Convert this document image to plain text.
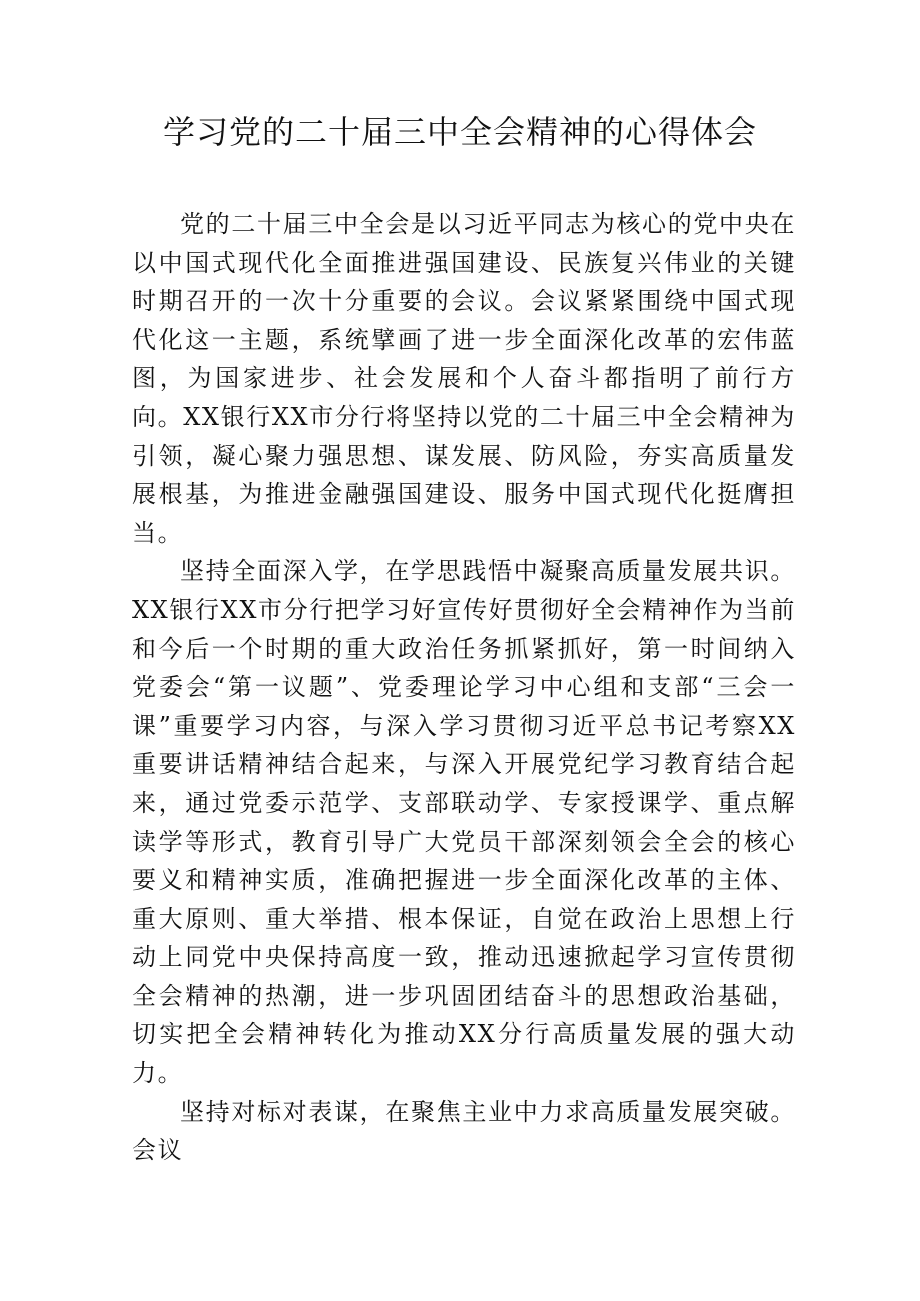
学习党的二十届三中全会精神的心得体会

党的二十届三中全会是以习近平同志为核心的党中央在以中国式现代化全面推进强国建设、民族复兴伟业的关键时期召开的一次十分重要的会议。会议紧紧围绕中国式现代化这一主题，系统擘画了进一步全面深化改革的宏伟蓝图，为国家进步、社会发展和个人奋斗都指明了前行方向。XX银行XX市分行将坚持以党的二十届三中全会精神为引领，凝心聚力强思想、谋发展、防风险，夯实高质量发展根基，为推进金融强国建设、服务中国式现代化挺膺担当。

坚持全面深入学，在学思践悟中凝聚高质量发展共识。XX银行XX市分行把学习好宣传好贯彻好全会精神作为当前和今后一个时期的重大政治任务抓紧抓好，第一时间纳入党委会“第一议题”、党委理论学习中心组和支部“三会一课”重要学习内容，与深入学习贯彻习近平总书记考察XX重要讲话精神结合起来，与深入开展党纪学习教育结合起来，通过党委示范学、支部联动学、专家授课学、重点解读学等形式，教育引导广大党员干部深刻领会全会的核心要义和精神实质，准确把握进一步全面深化改革的主体、重大原则、重大举措、根本保证，自觉在政治上思想上行动上同党中央保持高度一致，推动迅速掀起学习宣传贯彻全会精神的热潮，进一步巩固团结奋斗的思想政治基础，切实把全会精神转化为推动XX分行高质量发展的强大动力。

坚持对标对表谋，在聚焦主业中力求高质量发展突破。会议
